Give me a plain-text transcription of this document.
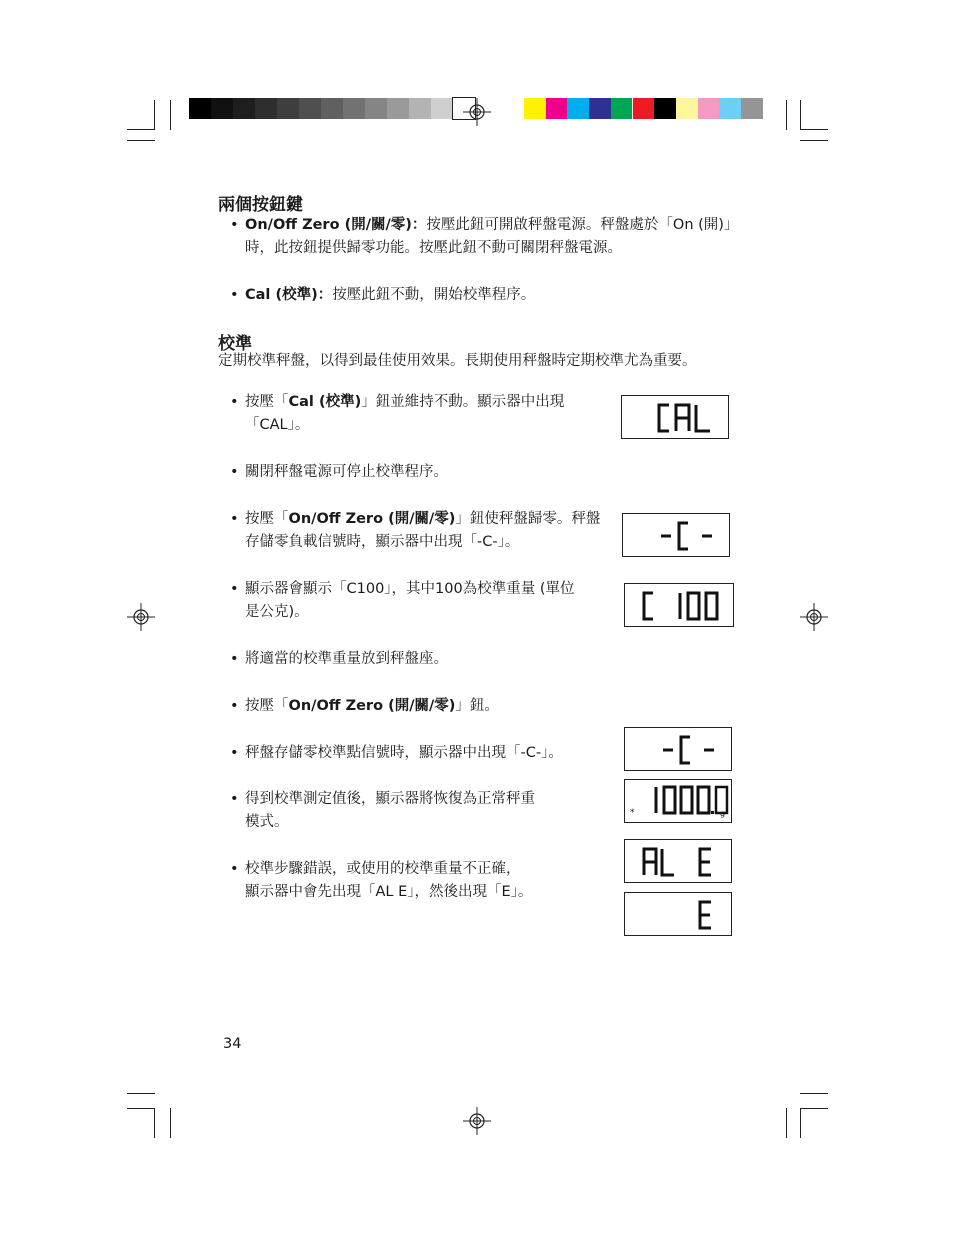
兩個按鈕鍵
• On/Off Zero (開/關/零)：按壓此鈕可開啟秤盤電源。秤盤處於「On (開)」
時，此按鈕提供歸零功能。按壓此鈕不動可關閉秤盤電源。
• Cal (校準)：按壓此鈕不動，開始校準程序。
校準
定期校準秤盤，以得到最佳使用效果。長期使用秤盤時定期校準尤為重要。
• 按壓「Cal (校準)」鈕並維持不動。顯示器中出現
「CAL」。
• 關閉秤盤電源可停止校準程序。
• 按壓「On/Off Zero (開/關/零)」鈕使秤盤歸零。秤盤
存儲零負載信號時，顯示器中出現「-C-」。
• 顯示器會顯示「C100」，其中100為校準重量 (單位
是公克)。
• 將適當的校準重量放到秤盤座。
• 按壓「On/Off Zero (開/關/零)」鈕。
• 秤盤存儲零校準點信號時，顯示器中出現「-C-」。
• 得到校準測定值後，顯示器將恢復為正常秤重
模式。
• 校準步驟錯誤，或使用的校準重量不正確，
顯示器中會先出現「AL E」，然後出現「E」。
*	g
34
